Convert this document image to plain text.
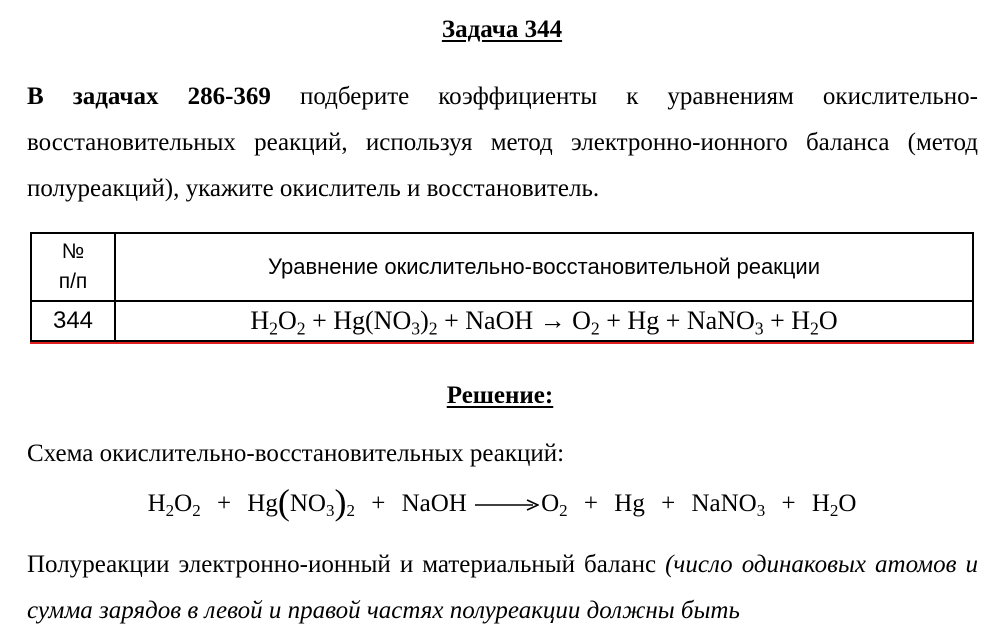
Задача 344
В задачах 286-369 подберите коэффициенты к уравнениям окислительно-восстановительных реакций, используя метод электронно-ионного баланса (метод полуреакций), укажите окислитель и восстановитель.
№
п/п	Уравнение окислительно-восстановительной реакции
344	$H_2O_2 + Hg(NO_3)_2$ + NaOH → $O_2 + Hg$ + NaNO$_3$ + $H_2O$
Решение:
Схема окислительно-восстановительных реакций:
$H_2O_2 + Hg(NO_3)_2$ + NaOH	$O_2 + Hg$ + NaNO$_3$ + $H_2O$
Полуреакции электронно-ионный и материальный баланс (число одинаковых атомов и сумма зарядов в левой и правой частях полуреакции должны быть
